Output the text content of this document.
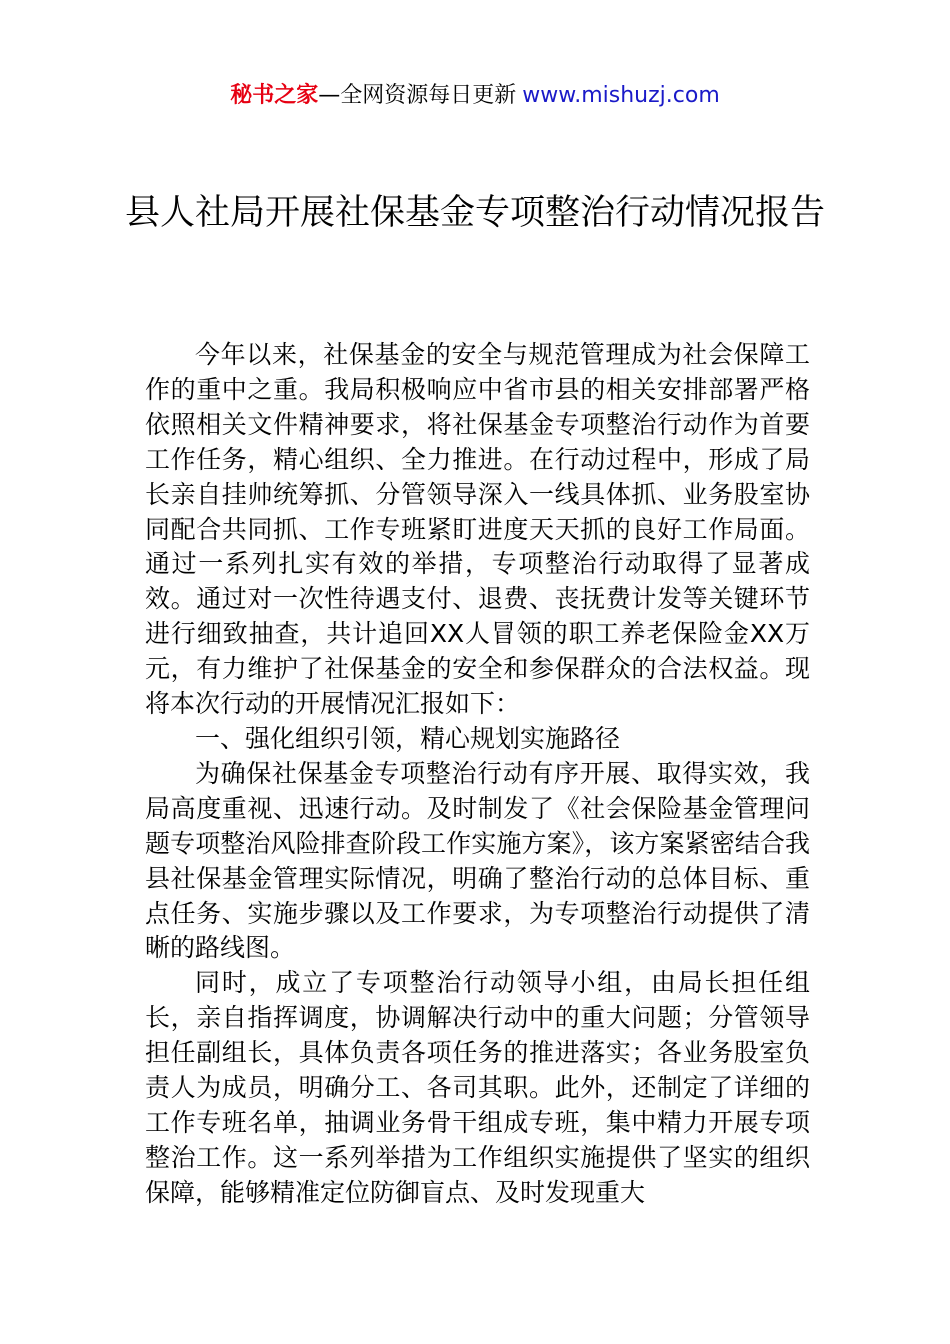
秘书之家—全网资源每日更新 www.mishuzj.com
县人社局开展社保基金专项整治行动情况报告

今年以来，社保基金的安全与规范管理成为社会保障工作的重中之重。我局积极响应中省市县的相关安排部署严格依照相关文件精神要求，将社保基金专项整治行动作为首要工作任务，精心组织、全力推进。在行动过程中，形成了局长亲自挂帅统筹抓、分管领导深入一线具体抓、业务股室协同配合共同抓、工作专班紧盯进度天天抓的良好工作局面。通过一系列扎实有效的举措，专项整治行动取得了显著成效。通过对一次性待遇支付、退费、丧抚费计发等关键环节进行细致抽查，共计追回XX人冒领的职工养老保险金XX万元，有力维护了社保基金的安全和参保群众的合法权益。现将本次行动的开展情况汇报如下：

一、强化组织引领，精心规划实施路径

为确保社保基金专项整治行动有序开展、取得实效，我局高度重视、迅速行动。及时制发了《社会保险基金管理问题专项整治风险排查阶段工作实施方案》，该方案紧密结合我县社保基金管理实际情况，明确了整治行动的总体目标、重点任务、实施步骤以及工作要求，为专项整治行动提供了清晰的路线图。

同时，成立了专项整治行动领导小组，由局长担任组长，亲自指挥调度，协调解决行动中的重大问题；分管领导担任副组长，具体负责各项任务的推进落实；各业务股室负责人为成员，明确分工、各司其职。此外，还制定了详细的工作专班名单，抽调业务骨干组成专班，集中精力开展专项整治工作。这一系列举措为工作组织实施提供了坚实的组织保障，能够精准定位防御盲点、及时发现重大
